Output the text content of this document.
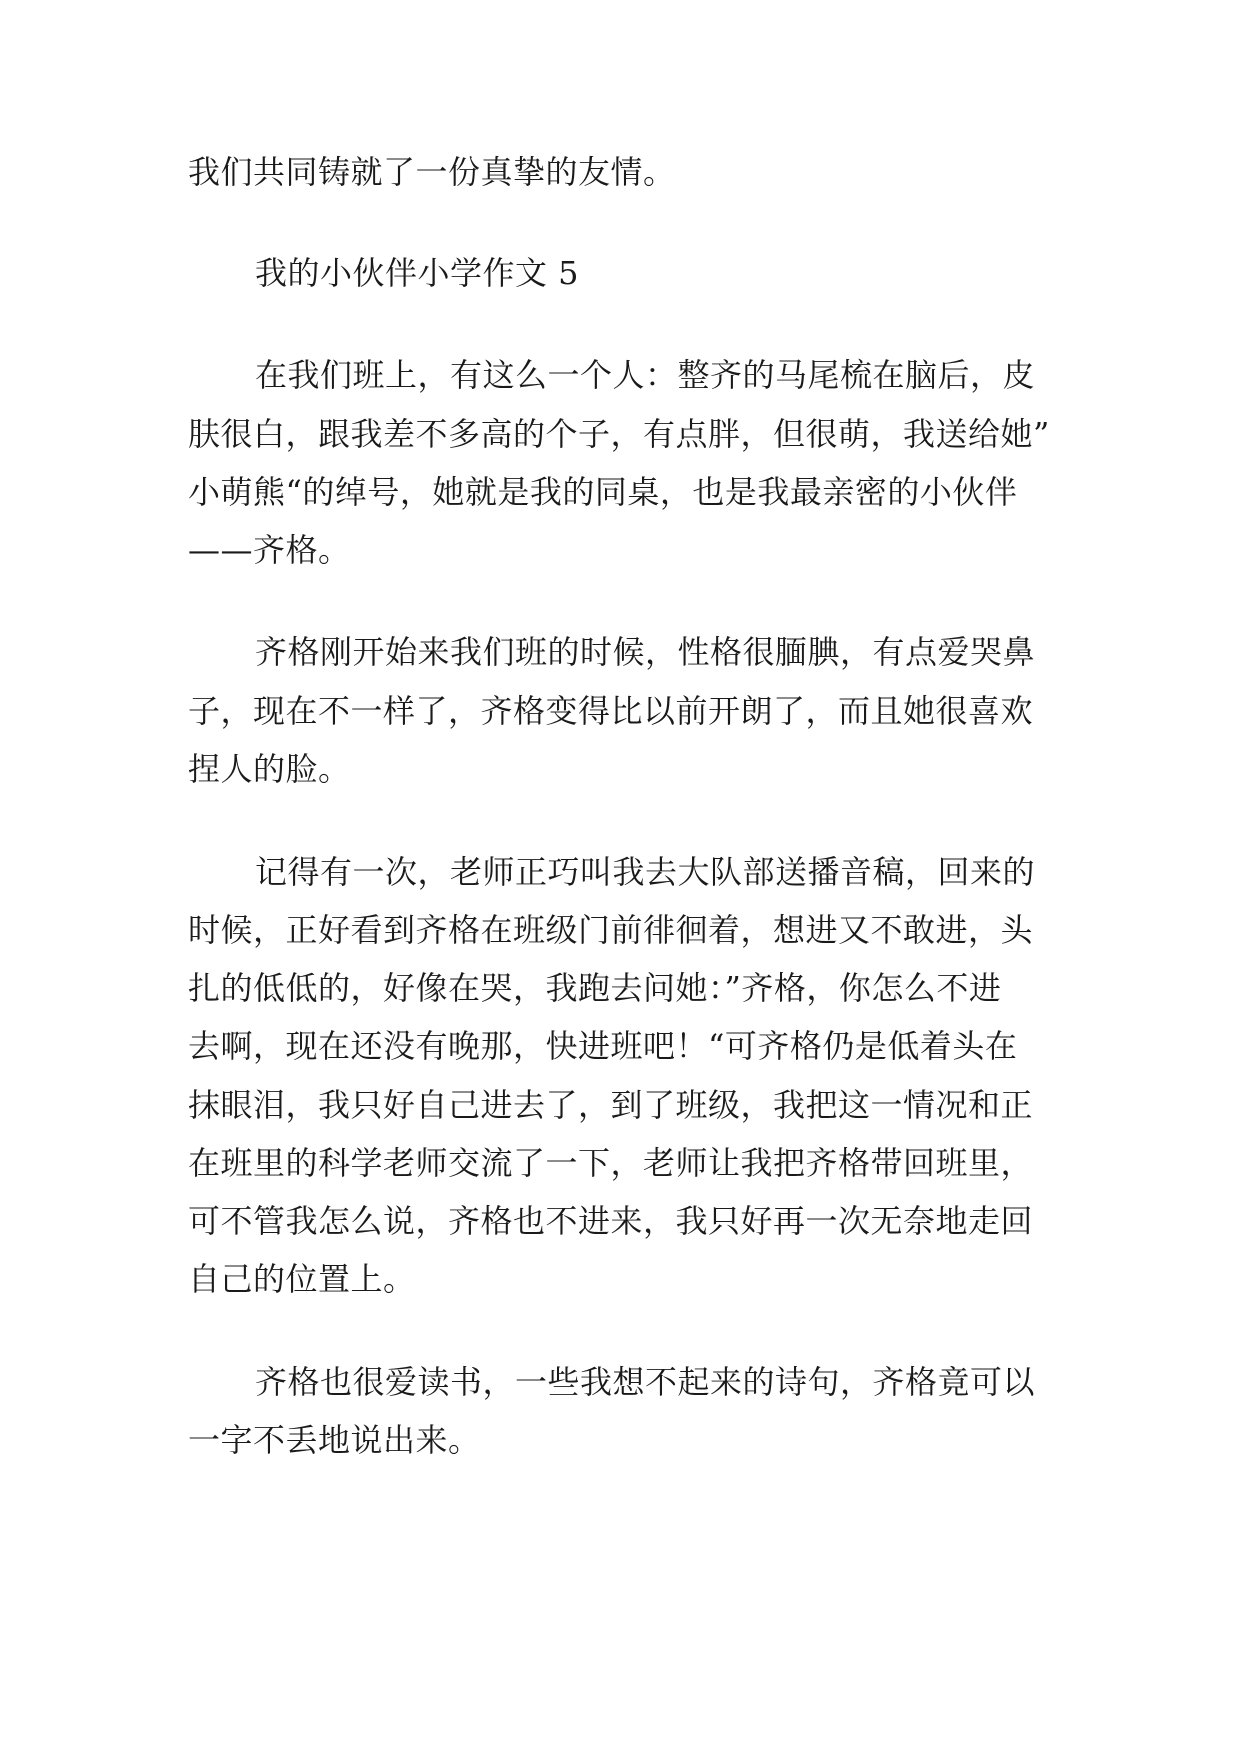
我们共同铸就了一份真挚的友情。
我的小伙伴小学作文 5
在我们班上，有这么一个人：整齐的马尾梳在脑后，皮
肤很白，跟我差不多高的个子，有点胖，但很萌，我送给她”
小萌熊“的绰号，她就是我的同桌，也是我最亲密的小伙伴
——齐格。
齐格刚开始来我们班的时候，性格很腼腆，有点爱哭鼻
子，现在不一样了，齐格变得比以前开朗了，而且她很喜欢
捏人的脸。
记得有一次，老师正巧叫我去大队部送播音稿，回来的
时候，正好看到齐格在班级门前徘徊着，想进又不敢进，头
扎的低低的，好像在哭，我跑去问她：”齐格，你怎么不进
去啊，现在还没有晚那，快进班吧！“可齐格仍是低着头在
抹眼泪，我只好自己进去了，到了班级，我把这一情况和正
在班里的科学老师交流了一下，老师让我把齐格带回班里，
可不管我怎么说，齐格也不进来，我只好再一次无奈地走回
自己的位置上。
齐格也很爱读书，一些我想不起来的诗句，齐格竟可以
一字不丢地说出来。
